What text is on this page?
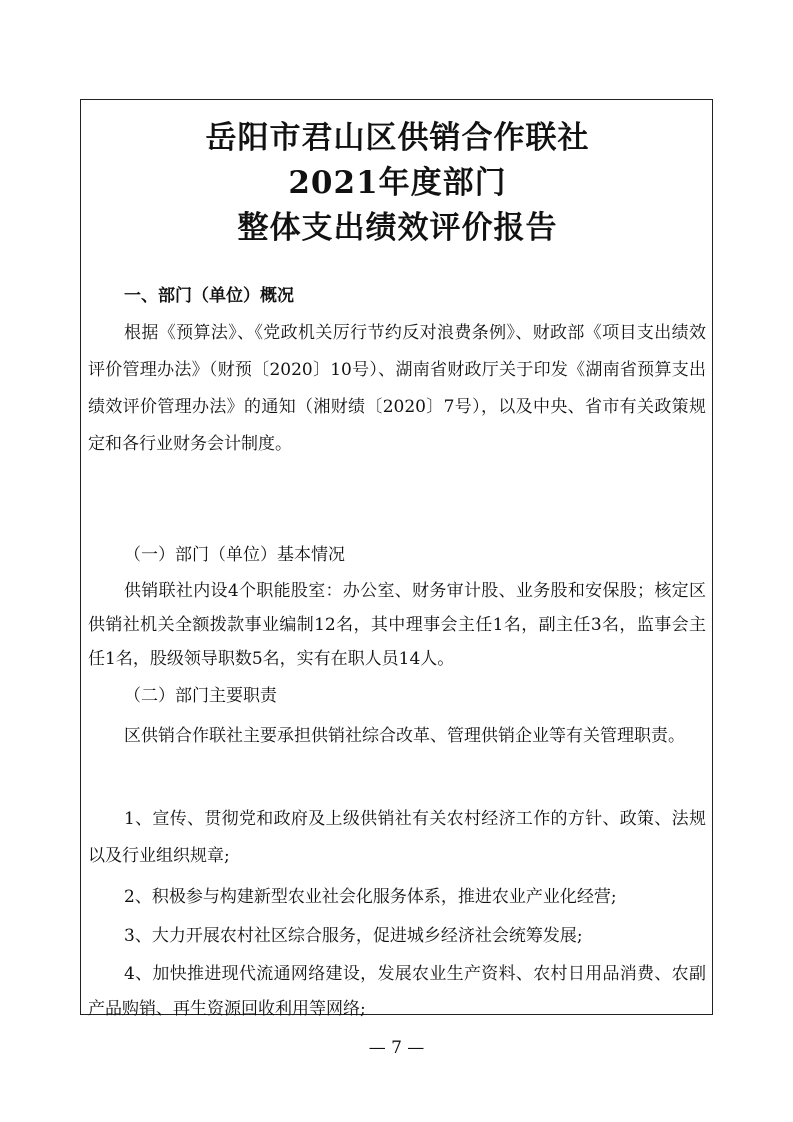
岳阳市君山区供销合作联社
2021年度部门
整体支出绩效评价报告

一、部门（单位）概况

根据《预算法》、《党政机关厉行节约反对浪费条例》、财政部《项目支出绩效评价管理办法》（财预〔2020〕10号）、湖南省财政厅关于印发《湖南省预算支出绩效评价管理办法》的通知（湘财绩〔2020〕7号），以及中央、省市有关政策规定和各行业财务会计制度。

（一）部门（单位）基本情况

供销联社内设4个职能股室：办公室、财务审计股、业务股和安保股；核定区供销社机关全额拨款事业编制12名，其中理事会主任1名，副主任3名，监事会主任1名，股级领导职数5名，实有在职人员14人。

（二）部门主要职责

区供销合作联社主要承担供销社综合改革、管理供销企业等有关管理职责。

1、宣传、贯彻党和政府及上级供销社有关农村经济工作的方针、政策、法规以及行业组织规章;

2、积极参与构建新型农业社会化服务体系，推进农业产业化经营;

3、大力开展农村社区综合服务，促进城乡经济社会统筹发展;

4、加快推进现代流通网络建设，发展农业生产资料、农村日用品消费、农副产品购销、再生资源回收利用等网络;

— 7 —
